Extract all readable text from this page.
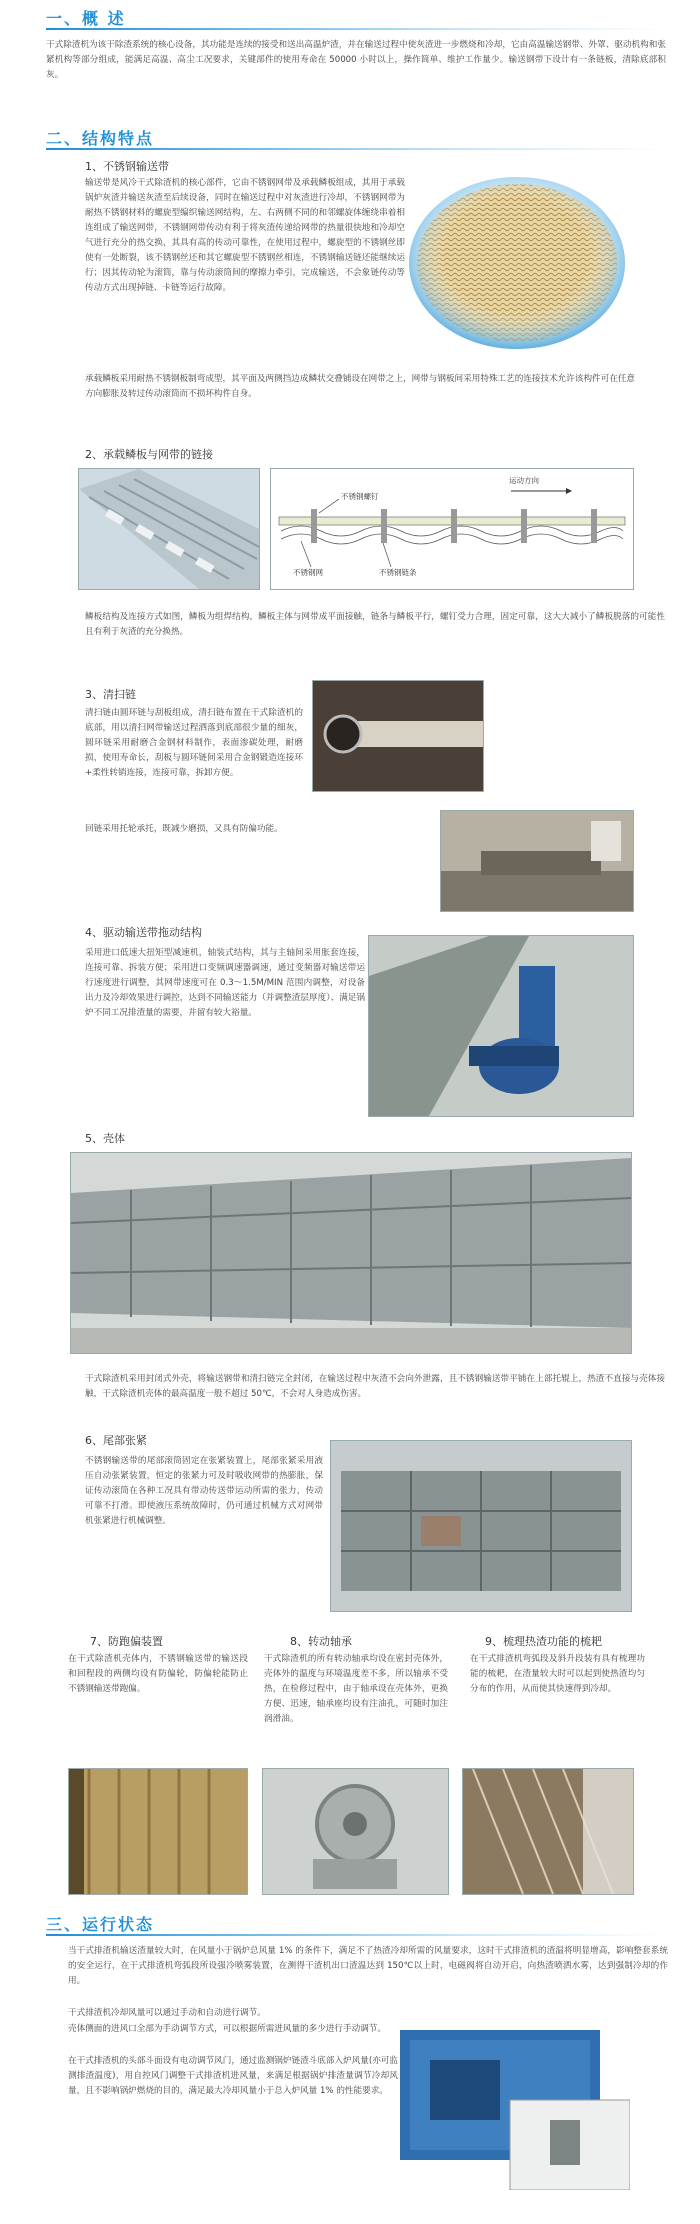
一、概 述
干式除渣机为该干除渣系统的核心设备，其功能是连续的接受和送出高温炉渣，并在输送过程中使灰渣进一步燃烧和冷却，它由高温输送钢带、外罩、驱动机构和张紧机构等部分组成，能满足高温、高尘工况要求，关键部件的使用寿命在 50000 小时以上，操作简单、维护工作量少。输送钢带下设计有一条链板，清除底部积灰。
二、结构特点
1、不锈钢输送带
输送带是风冷干式除渣机的核心部件，它由不锈钢网带及承载鳞板组成，其用于承载锅炉灰渣并输送灰渣至后续设备，同时在输送过程中对灰渣进行冷却，不锈钢网带为耐热不锈钢材料的螺旋型编织输送网结构，左、右两侧不同的和邻螺旋体缠绕串着相连组成了输送网带，不锈钢网带传动有利于将灰渣传递给网带的热量很快地和冷却空气进行充分的热交换，其具有高的传动可靠性，在使用过程中，螺旋型的不锈钢丝即使有一处断裂，该不锈钢丝还和其它螺旋型不锈钢丝相连，不锈钢输送链还能继续运行；因其传动轮为滚筒，靠与传动滚筒间的摩擦力牵引，完成输送，不会象链传动等传动方式出现掉链、卡链等运行故障。
承载鳞板采用耐热不锈钢板制弯成型，其平面及两侧挡边成鳞状交叠铺设在网带之上，网带与钢板间采用特殊工艺的连接技术允许该构件可在任意方向膨胀及转过传动滚筒而不损坏构件自身。
2、承载鳞板与网带的链接
运动方向
不锈钢螺钉
不锈钢网	不锈钢链条
鳞板结构及连接方式如图，鳞板为组焊结构，鳞板主体与网带成平面接触，链条与鳞板平行，螺钉受力合理，固定可靠，这大大减小了鳞板脱落的可能性且有利于灰渣的充分换热。
3、清扫链
清扫链由圆环链与刮板组成，清扫链布置在干式除渣机的底部，用以清扫网带输送过程洒落到底部很少量的细灰，圆环链采用耐磨合金钢材料制作，表面渗碳处理，耐磨损，使用寿命长，刮板与圆环链间采用合金钢锻造连接环+柔性转销连接，连接可靠，拆卸方便。
回链采用托轮承托，既减少磨损，又具有防偏功能。
4、驱动输送带拖动结构
采用进口低速大扭矩型减速机，轴装式结构，其与主轴间采用胀套连接，连接可靠、拆装方便；采用进口变频调速器调速，通过变频器对输送带运行速度进行调整，其网带速度可在 0.3～1.5M/MIN 范围内调整，对设备出力及冷却效果进行调控，达到不同输送能力（并调整渣层厚度）、满足锅炉不同工况排渣量的需要，并留有较大裕量。
5、壳体
干式除渣机采用封闭式外壳，将输送钢带和清扫链完全封闭，在输送过程中灰渣不会向外泄露，且不锈钢输送带平铺在上部托辊上，热渣不直接与壳体接触，干式除渣机壳体的最高温度一般不超过 50℃，不会对人身造成伤害。
6、尾部张紧
不锈钢输送带的尾部滚筒固定在张紧装置上，尾部张紧采用液压自动张紧装置，恒定的张紧力可及时吸收网带的热膨胀，保证传动滚筒在各种工况具有带动传送带运动所需的张力，传动可靠不打滑。即使液压系统故障时，仍可通过机械方式对网带机张紧进行机械调整。
7、防跑偏装置
在干式除渣机壳体内，不锈钢输送带的输送段和回程段的两侧均设有防偏轮，防偏轮能防止不锈钢输送带跑偏。
8、转动轴承
干式除渣机的所有转动轴承均设在密封壳体外，壳体外的温度与环境温度差不多，所以轴承不受热，在检修过程中，由于轴承设在壳体外，更换方便、迅速，轴承座均设有注油孔，可随时加注润滑油。
9、梳理热渣功能的梳耙
在干式排渣机弯弧段及斜升段装有具有梳理功能的梳耙，在渣量较大时可以起到使热渣均匀分布的作用，从而使其快速得到冷却。
三、运行状态
当干式排渣机输送渣量较大时，在风量小于锅炉总风量 1% 的条件下，满足不了热渣冷却所需的风量要求，这时干式排渣机的渣温将明显增高，影响整套系统的安全运行，在干式排渣机弯弧段所设强冷喷雾装置，在测得干渣机出口渣温达到 150℃以上时，电磁阀将自动开启，向热渣喷洒水雾，达到强制冷却的作用。
干式排渣机冷却风量可以通过手动和自动进行调节。
壳体侧面的进风口全部为手动调节方式，可以根据所需进风量的多少进行手动调节。
在干式排渣机的头部斗面设有电动调节风门，通过监测锅炉链渣斗底部入炉风量(亦可监测排渣温度)，用自控风门调整干式排渣机进风量，来满足根据锅炉排渣量调节冷却风量，且不影响锅炉燃烧的目的，满足最大冷却风量小于总入炉风量 1% 的性能要求。
